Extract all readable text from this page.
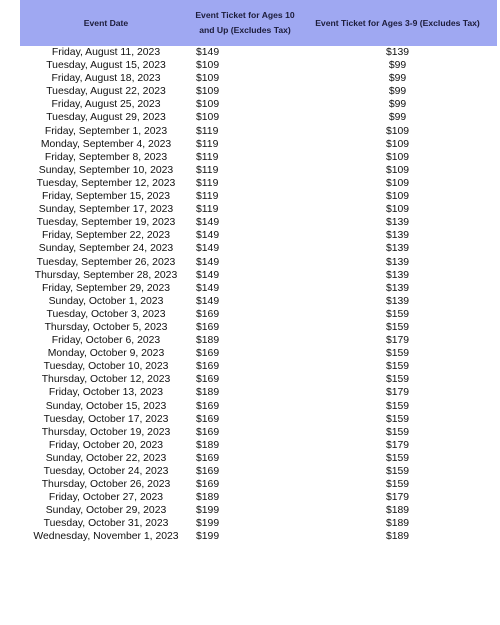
Event Date	Event Ticket for Ages 10 and Up (Excludes Tax)	Event Ticket for Ages 3-9 (Excludes Tax)
Friday, August 11, 2023	$149	$139
Tuesday, August 15, 2023	$109	$99
Friday, August 18, 2023	$109	$99
Tuesday, August 22, 2023	$109	$99
Friday, August 25, 2023	$109	$99
Tuesday, August 29, 2023	$109	$99
Friday, September 1, 2023	$119	$109
Monday, September 4, 2023	$119	$109
Friday, September 8, 2023	$119	$109
Sunday, September 10, 2023	$119	$109
Tuesday, September 12, 2023	$119	$109
Friday, September 15, 2023	$119	$109
Sunday, September 17, 2023	$119	$109
Tuesday, September 19, 2023	$149	$139
Friday, September 22, 2023	$149	$139
Sunday, September 24, 2023	$149	$139
Tuesday, September 26, 2023	$149	$139
Thursday, September 28, 2023	$149	$139
Friday, September 29, 2023	$149	$139
Sunday, October 1, 2023	$149	$139
Tuesday, October 3, 2023	$169	$159
Thursday, October 5, 2023	$169	$159
Friday, October 6, 2023	$189	$179
Monday, October 9, 2023	$169	$159
Tuesday, October 10, 2023	$169	$159
Thursday, October 12, 2023	$169	$159
Friday, October 13, 2023	$189	$179
Sunday, October 15, 2023	$169	$159
Tuesday, October 17, 2023	$169	$159
Thursday, October 19, 2023	$169	$159
Friday, October 20, 2023	$189	$179
Sunday, October 22, 2023	$169	$159
Tuesday, October 24, 2023	$169	$159
Thursday, October 26, 2023	$169	$159
Friday, October 27, 2023	$189	$179
Sunday, October 29, 2023	$199	$189
Tuesday, October 31, 2023	$199	$189
Wednesday, November 1, 2023	$199	$189
